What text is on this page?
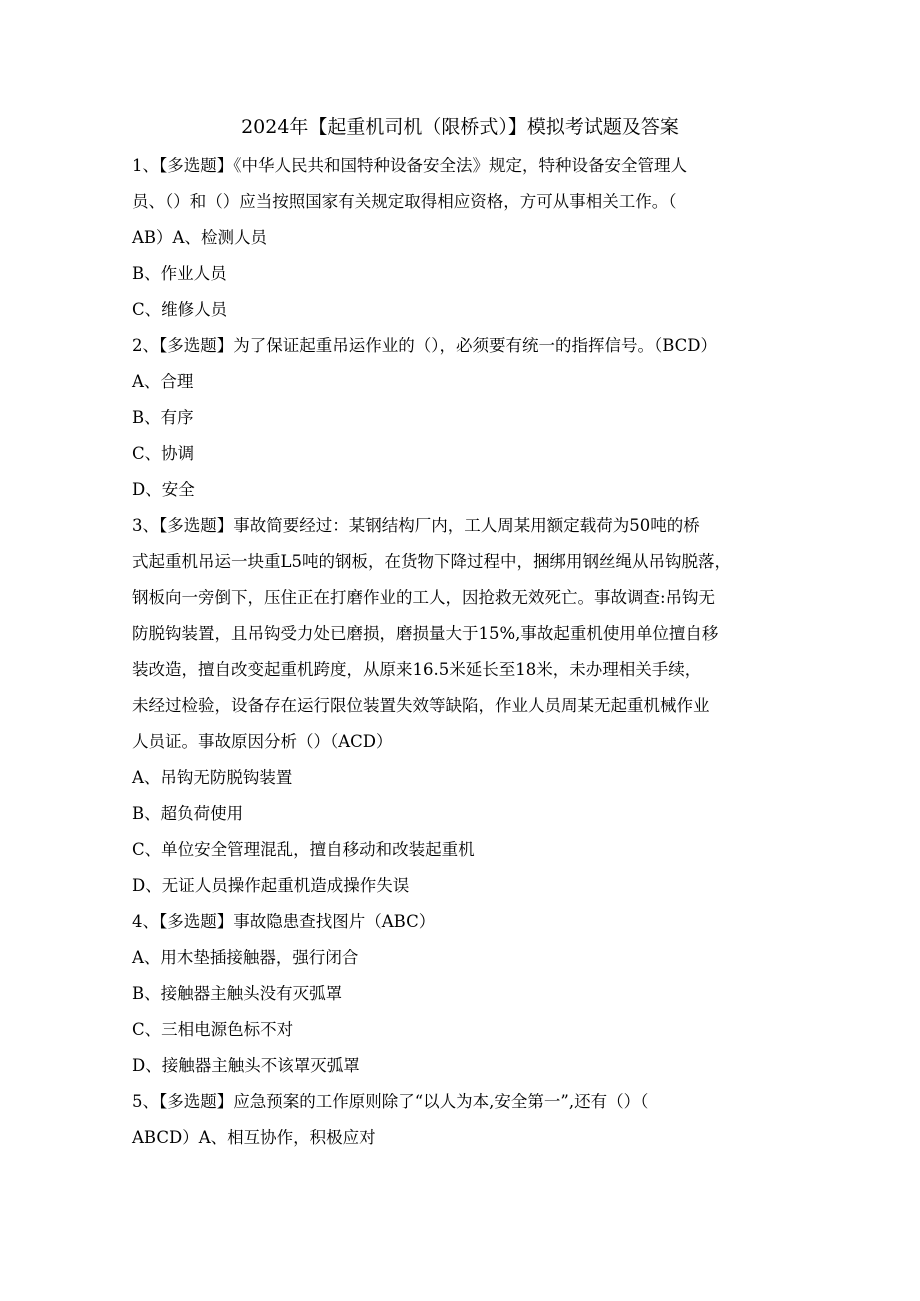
2024年【起重机司机（限桥式）】模拟考试题及答案
1、【多选题】《中华人民共和国特种设备安全法》规定，特种设备安全管理人
员、（）和（）应当按照国家有关规定取得相应资格，方可从事相关工作。（
AB）A、检测人员
B、作业人员
C、维修人员
2、【多选题】为了保证起重吊运作业的（），必须要有统一的指挥信号。（BCD）
A、合理
B、有序
C、协调
D、安全
3、【多选题】事故简要经过：某钢结构厂内，工人周某用额定载荷为50吨的桥
式起重机吊运一块重L5吨的钢板，在货物下降过程中，捆绑用钢丝绳从吊钩脱落，
钢板向一旁倒下，压住正在打磨作业的工人，因抢救无效死亡。事故调查:吊钩无
防脱钩装置，且吊钩受力处已磨损，磨损量大于15%,事故起重机使用单位擅自移
装改造，擅自改变起重机跨度，从原来16.5米延长至18米，未办理相关手续，
未经过检验，设备存在运行限位装置失效等缺陷，作业人员周某无起重机械作业
人员证。事故原因分析（）（ACD）
A、吊钩无防脱钩装置
B、超负荷使用
C、单位安全管理混乱，擅自移动和改装起重机
D、无证人员操作起重机造成操作失误
4、【多选题】事故隐患查找图片（ABC）
A、用木垫插接触器，强行闭合
B、接触器主触头没有灭弧罩
C、三相电源色标不对
D、接触器主触头不该罩灭弧罩
5、【多选题】应急预案的工作原则除了“以人为本,安全第一”,还有（）（
ABCD）A、相互协作，积极应对
